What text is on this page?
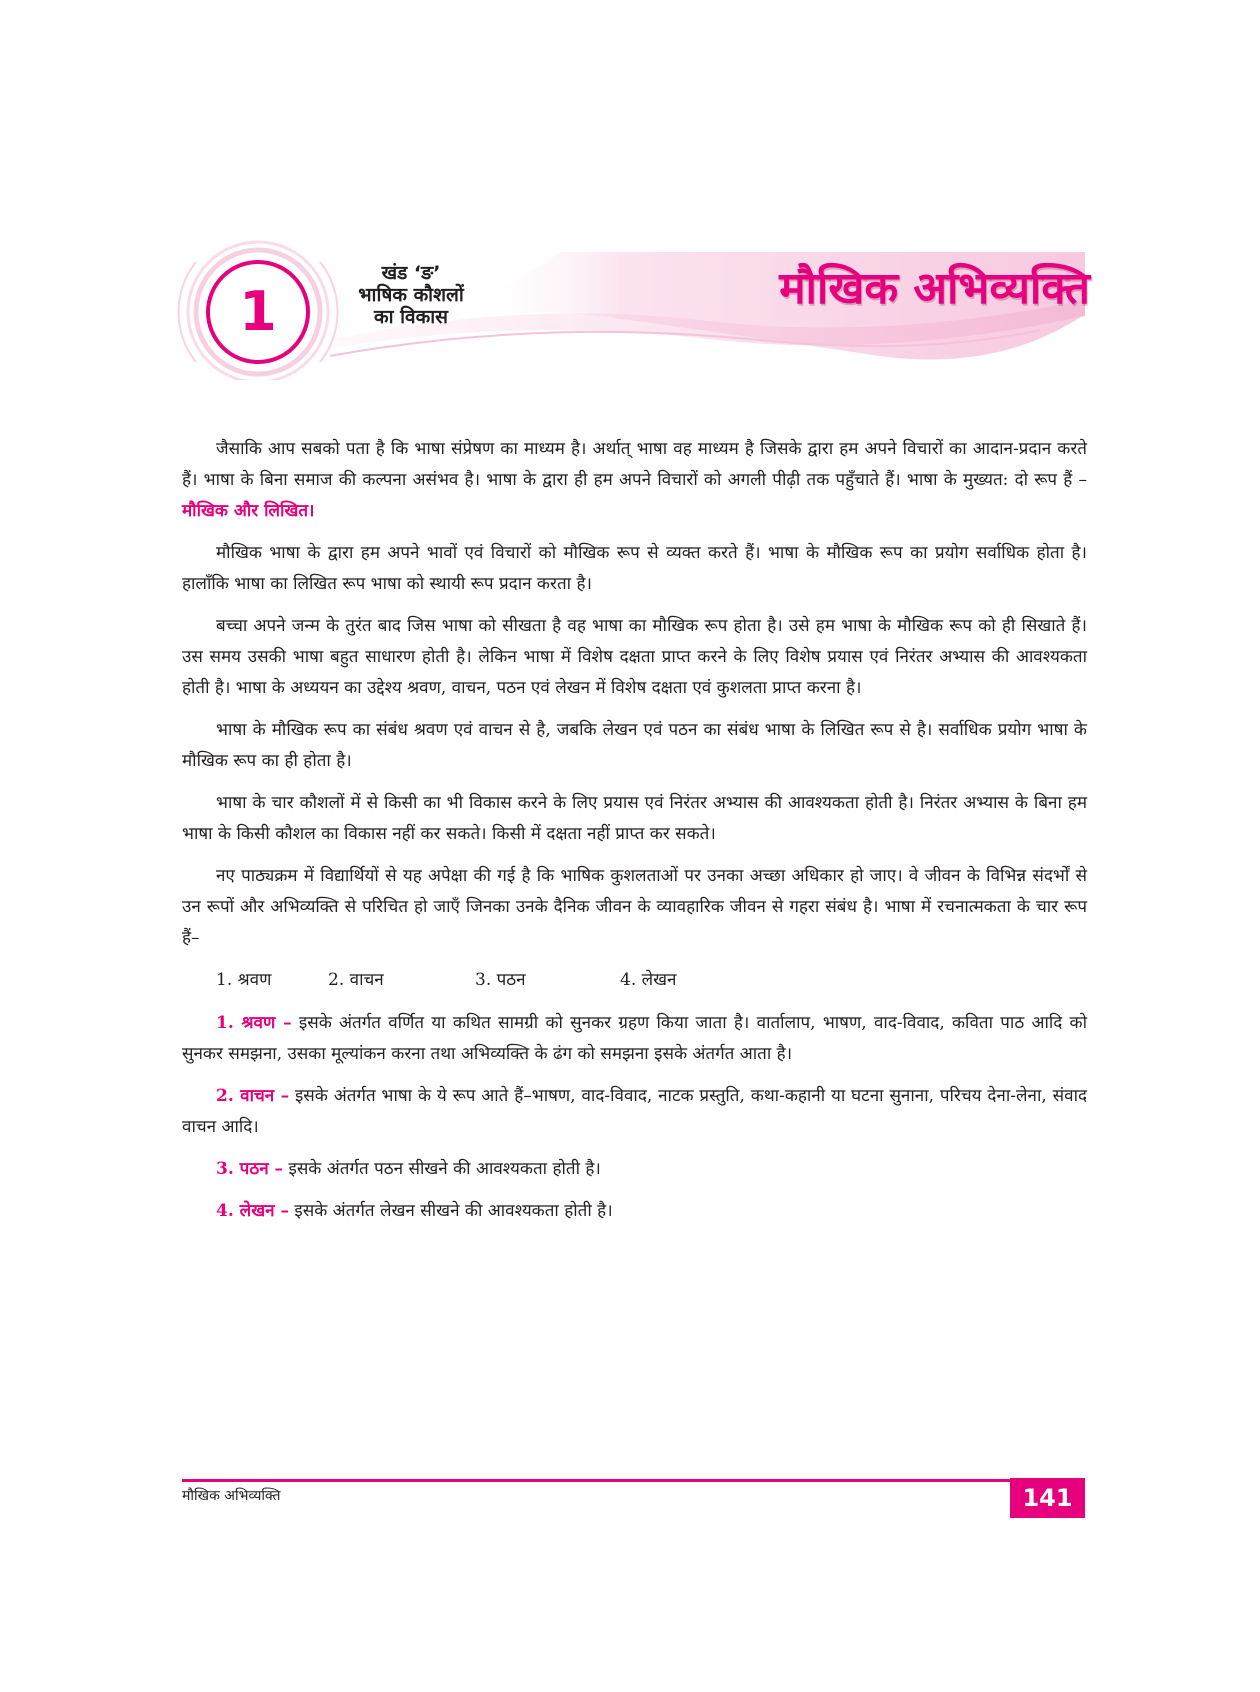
1
खंड ‘ङ’
भाषिक कौशलों
का विकास
मौखिक अभिव्यक्ति

जैसाकि आप सबको पता है कि भाषा संप्रेषण का माध्यम है। अर्थात् भाषा वह माध्यम है जिसके द्वारा हम अपने विचारों का आदान-प्रदान करते हैं। भाषा के बिना समाज की कल्पना असंभव है। भाषा के द्वारा ही हम अपने विचारों को अगली पीढ़ी तक पहुँचाते हैं। भाषा के मुख्यत: दो रूप हैं – मौखिक और लिखित।

मौखिक भाषा के द्वारा हम अपने भावों एवं विचारों को मौखिक रूप से व्यक्त करते हैं। भाषा के मौखिक रूप का प्रयोग सर्वाधिक होता है। हालाँकि भाषा का लिखित रूप भाषा को स्थायी रूप प्रदान करता है।

बच्चा अपने जन्म के तुरंत बाद जिस भाषा को सीखता है वह भाषा का मौखिक रूप होता है। उसे हम भाषा के मौखिक रूप को ही सिखाते हैं। उस समय उसकी भाषा बहुत साधारण होती है। लेकिन भाषा में विशेष दक्षता प्राप्त करने के लिए विशेष प्रयास एवं निरंतर अभ्यास की आवश्यकता होती है। भाषा के अध्ययन का उद्देश्य श्रवण, वाचन, पठन एवं लेखन में विशेष दक्षता एवं कुशलता प्राप्त करना है।

भाषा के मौखिक रूप का संबंध श्रवण एवं वाचन से है, जबकि लेखन एवं पठन का संबंध भाषा के लिखित रूप से है। सर्वाधिक प्रयोग भाषा के मौखिक रूप का ही होता है।

भाषा के चार कौशलों में से किसी का भी विकास करने के लिए प्रयास एवं निरंतर अभ्यास की आवश्यकता होती है। निरंतर अभ्यास के बिना हम भाषा के किसी कौशल का विकास नहीं कर सकते। किसी में दक्षता नहीं प्राप्त कर सकते।

नए पाठ्यक्रम में विद्यार्थियों से यह अपेक्षा की गई है कि भाषिक कुशलताओं पर उनका अच्छा अधिकार हो जाए। वे जीवन के विभिन्न संदर्भों से उन रूपों और अभिव्यक्ति से परिचित हो जाएँ जिनका उनके दैनिक जीवन के व्यावहारिक जीवन से गहरा संबंध है। भाषा में रचनात्मकता के चार रूप हैं–

1. श्रवण	2. वाचन	3. पठन	4. लेखन

1. श्रवण – इसके अंतर्गत वर्णित या कथित सामग्री को सुनकर ग्रहण किया जाता है। वार्तालाप, भाषण, वाद-विवाद, कविता पाठ आदि को सुनकर समझना, उसका मूल्यांकन करना तथा अभिव्यक्ति के ढंग को समझना इसके अंतर्गत आता है।

2. वाचन – इसके अंतर्गत भाषा के ये रूप आते हैं–भाषण, वाद-विवाद, नाटक प्रस्तुति, कथा-कहानी या घटना सुनाना, परिचय देना-लेना, संवाद वाचन आदि।

3. पठन – इसके अंतर्गत पठन सीखने की आवश्यकता होती है।

4. लेखन – इसके अंतर्गत लेखन सीखने की आवश्यकता होती है।

मौखिक अभिव्यक्ति	141
